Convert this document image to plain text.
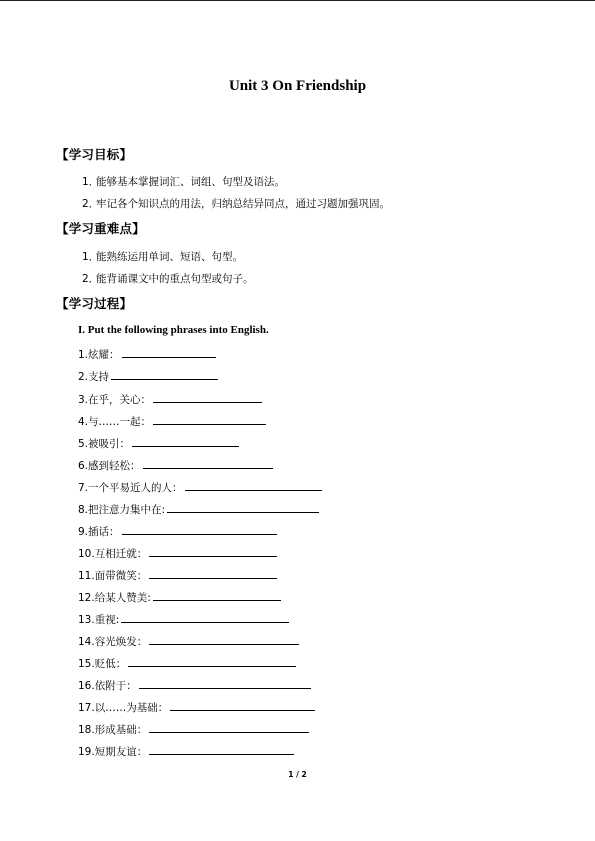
Unit 3 On Friendship
【学习目标】
1．能够基本掌握词汇、词组、句型及语法。
2．牢记各个知识点的用法，归纳总结异同点，通过习题加强巩固。
【学习重难点】
1．能熟练运用单词、短语、句型。
2．能背诵课文中的重点句型或句子。
【学习过程】
I. Put the following phrases into English.
1.炫耀：
2.支持
3.在乎，关心：
4.与……一起：
5.被吸引：
6.感到轻松：
7.一个平易近人的人：
8.把注意力集中在:
9.插话：
10.互相迁就：
11.面带微笑：
12.给某人赞美:
13.重视:
14.容光焕发：
15.贬低：
16.依附于：
17.以……为基础：
18.形成基础：
19.短期友谊：
1 / 2
